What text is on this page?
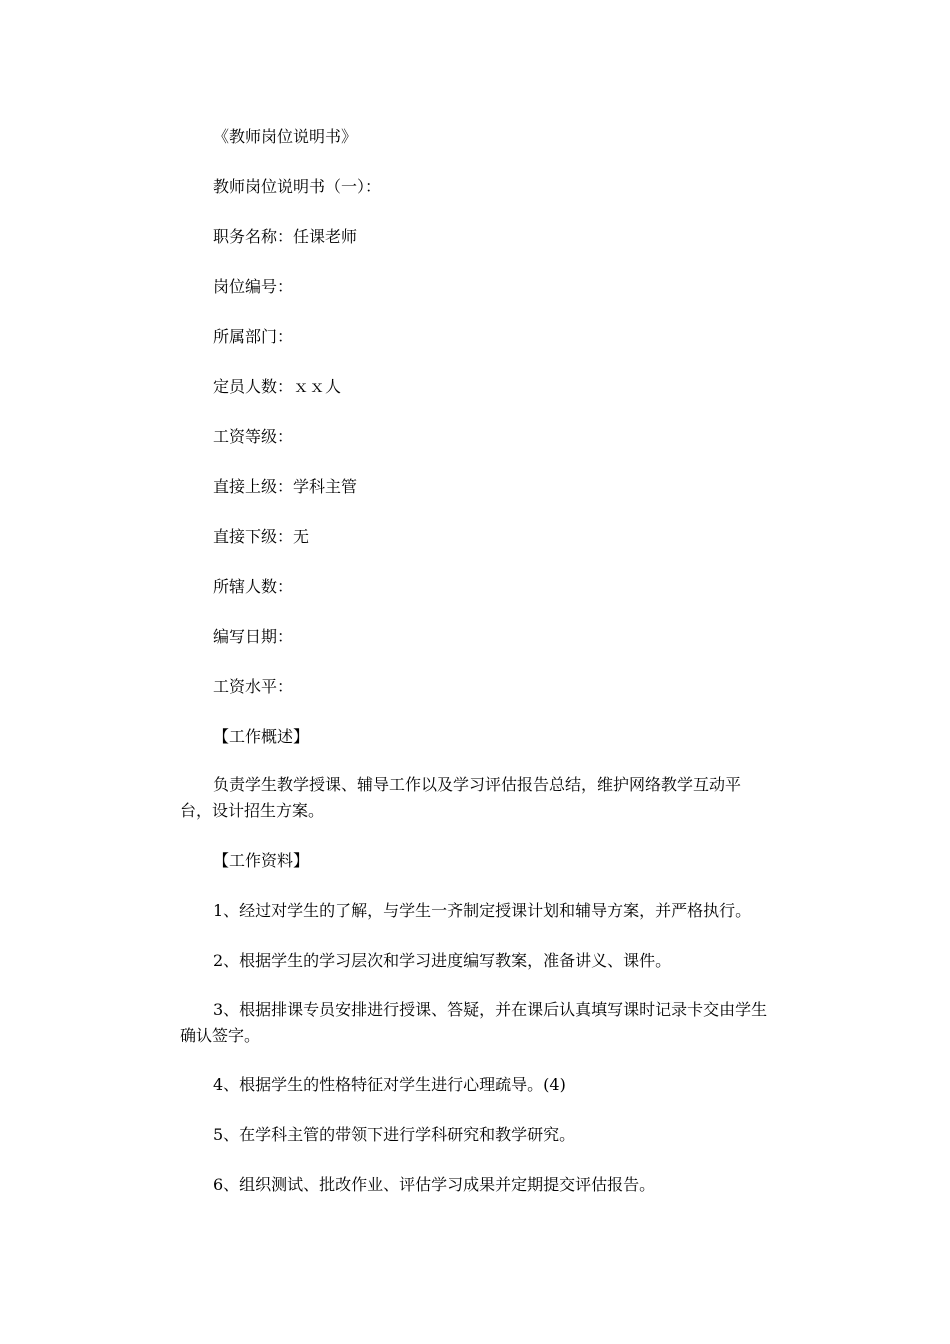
《教师岗位说明书》

教师岗位说明书（一）：

职务名称：任课老师

岗位编号：

所属部门：

定员人数：ｘｘ人

工资等级：

直接上级：学科主管

直接下级：无

所辖人数：

编写日期：

工资水平：

【工作概述】

负责学生教学授课、辅导工作以及学习评估报告总结，维护网络教学互动平台，设计招生方案。

【工作资料】

1、经过对学生的了解，与学生一齐制定授课计划和辅导方案，并严格执行。

2、根据学生的学习层次和学习进度编写教案，准备讲义、课件。

3、根据排课专员安排进行授课、答疑，并在课后认真填写课时记录卡交由学生确认签字。

4、根据学生的性格特征对学生进行心理疏导。(4)

5、在学科主管的带领下进行学科研究和教学研究。

6、组织测试、批改作业、评估学习成果并定期提交评估报告。
